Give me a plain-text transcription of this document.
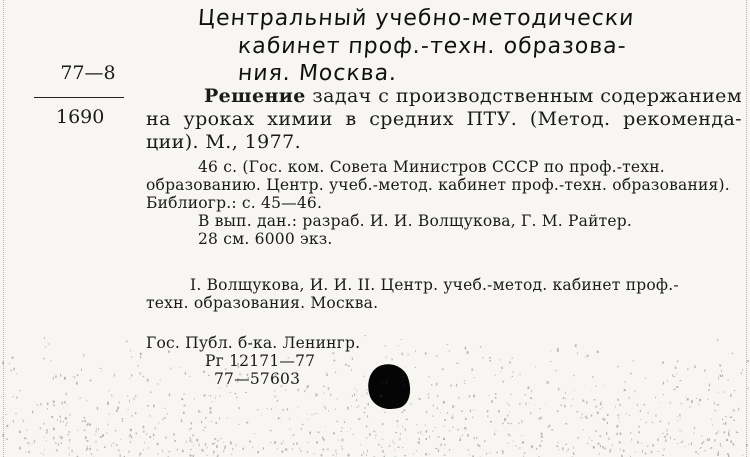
Центральный учебно-методически
кабинет проф.-техн. образова-
ния. Москва.
77—8
1690
Решение задач с производственным содержанием на уроках химии в средних ПТУ. (Метод. рекоменда-ции). М., 1977.
46 с. (Гос. ком. Совета Министров СССР по проф.-техн.
образованию. Центр. учеб.-метод. кабинет проф.-техн. образования).
Библиогр.: с. 45—46.
В вып. дан.: разраб. И. И. Волщукова, Г. М. Райтер.
28 см. 6000 экз.
I. Волщукова, И. И. II. Центр. учеб.-метод. кабинет проф.-
техн. образования. Москва.
Гос. Публ. б-ка. Ленингр.
Рг 12171—77
77—57603
